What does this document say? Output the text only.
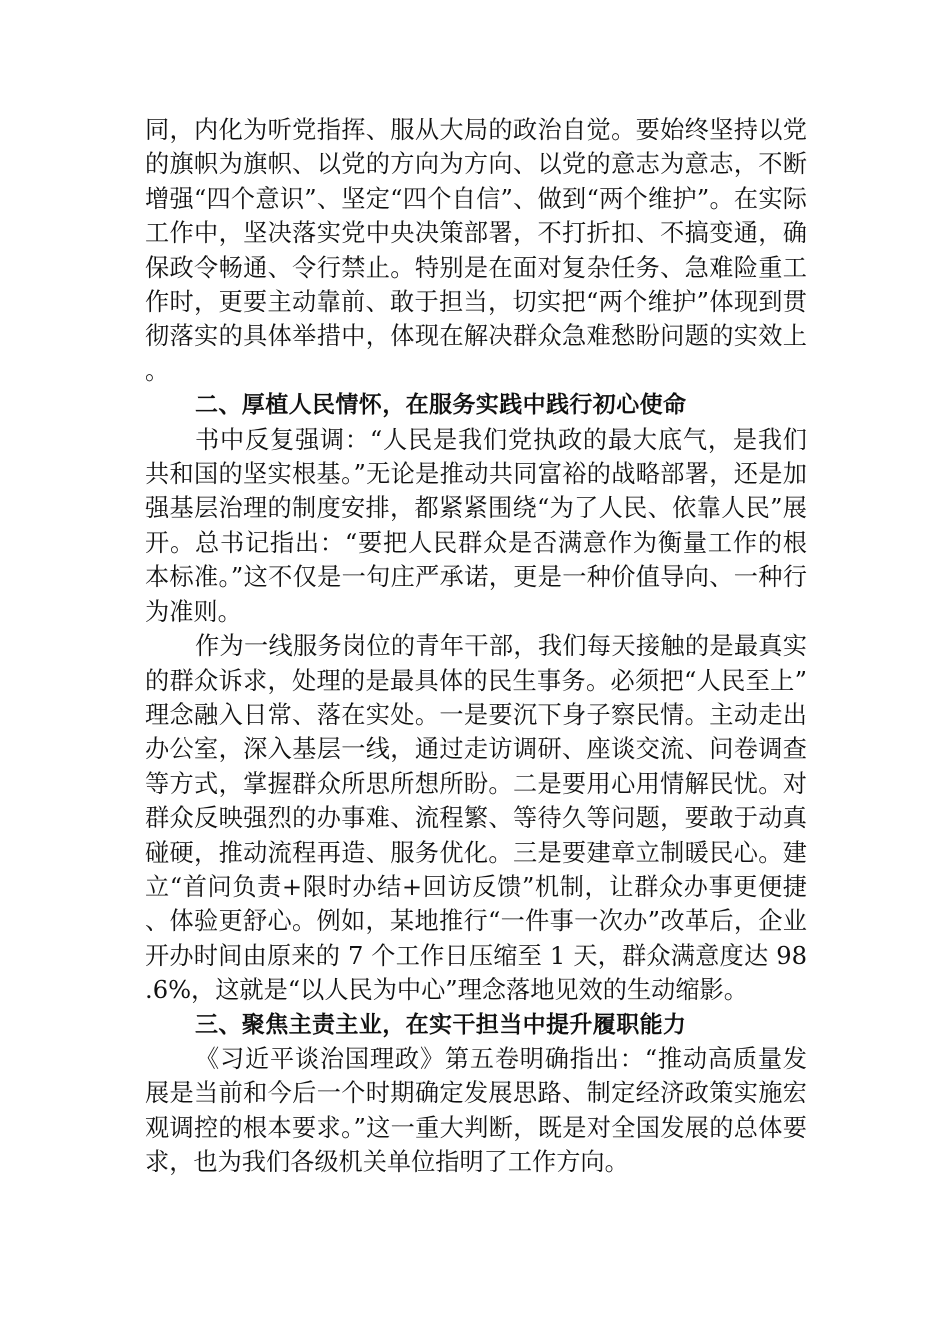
同，内化为听党指挥、服从大局的政治自觉。要始终坚持以党的旗帜为旗帜、以党的方向为方向、以党的意志为意志，不断增强“四个意识”、坚定“四个自信”、做到“两个维护”。在实际工作中，坚决落实党中央决策部署，不打折扣、不搞变通，确保政令畅通、令行禁止。特别是在面对复杂任务、急难险重工作时，更要主动靠前、敢于担当，切实把“两个维护”体现到贯彻落实的具体举措中，体现在解决群众急难愁盼问题的实效上。

二、厚植人民情怀，在服务实践中践行初心使命

书中反复强调：“人民是我们党执政的最大底气，是我们共和国的坚实根基。”无论是推动共同富裕的战略部署，还是加强基层治理的制度安排，都紧紧围绕“为了人民、依靠人民”展开。总书记指出：“要把人民群众是否满意作为衡量工作的根本标准。”这不仅是一句庄严承诺，更是一种价值导向、一种行为准则。

作为一线服务岗位的青年干部，我们每天接触的是最真实的群众诉求，处理的是最具体的民生事务。必须把“人民至上”理念融入日常、落在实处。一是要沉下身子察民情。主动走出办公室，深入基层一线，通过走访调研、座谈交流、问卷调查等方式，掌握群众所思所想所盼。二是要用心用情解民忧。对群众反映强烈的办事难、流程繁、等待久等问题，要敢于动真碰硬，推动流程再造、服务优化。三是要建章立制暖民心。建立“首问负责+限时办结+回访反馈”机制，让群众办事更便捷、体验更舒心。例如，某地推行“一件事一次办”改革后，企业开办时间由原来的 7 个工作日压缩至 1 天，群众满意度达 98.6%，这就是“以人民为中心”理念落地见效的生动缩影。

三、聚焦主责主业，在实干担当中提升履职能力

《习近平谈治国理政》第五卷明确指出：“推动高质量发展是当前和今后一个时期确定发展思路、制定经济政策实施宏观调控的根本要求。”这一重大判断，既是对全国发展的总体要求，也为我们各级机关单位指明了工作方向。
